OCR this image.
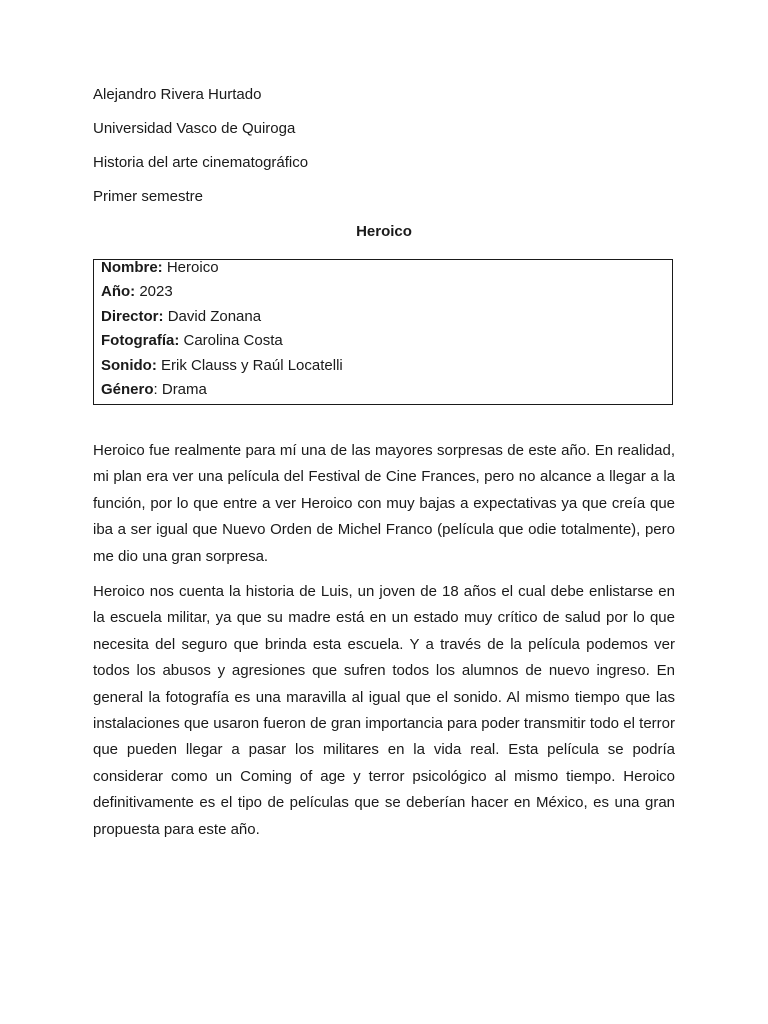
Alejandro Rivera Hurtado

Universidad Vasco de Quiroga

Historia del arte cinematográfico

Primer semestre

Heroico
Nombre: Heroico
Año: 2023
Director: David Zonana
Fotografía: Carolina Costa
Sonido: Erik Clauss y Raúl Locatelli
Género: Drama

Heroico fue realmente para mí una de las mayores sorpresas de este año. En realidad, mi plan era ver una película del Festival de Cine Frances, pero no alcance a llegar a la función, por lo que entre a ver Heroico con muy bajas a expectativas ya que creía que iba a ser igual que Nuevo Orden de Michel Franco (película que odie totalmente), pero me dio una gran sorpresa.

Heroico nos cuenta la historia de Luis, un joven de 18 años el cual debe enlistarse en la escuela militar, ya que su madre está en un estado muy crítico de salud por lo que necesita del seguro que brinda esta escuela. Y a través de la película podemos ver todos los abusos y agresiones que sufren todos los alumnos de nuevo ingreso. En general la fotografía es una maravilla al igual que el sonido. Al mismo tiempo que las instalaciones que usaron fueron de gran importancia para poder transmitir todo el terror que pueden llegar a pasar los militares en la vida real. Esta película se podría considerar como un Coming of age y terror psicológico al mismo tiempo. Heroico definitivamente es el tipo de películas que se deberían hacer en México, es una gran propuesta para este año.
